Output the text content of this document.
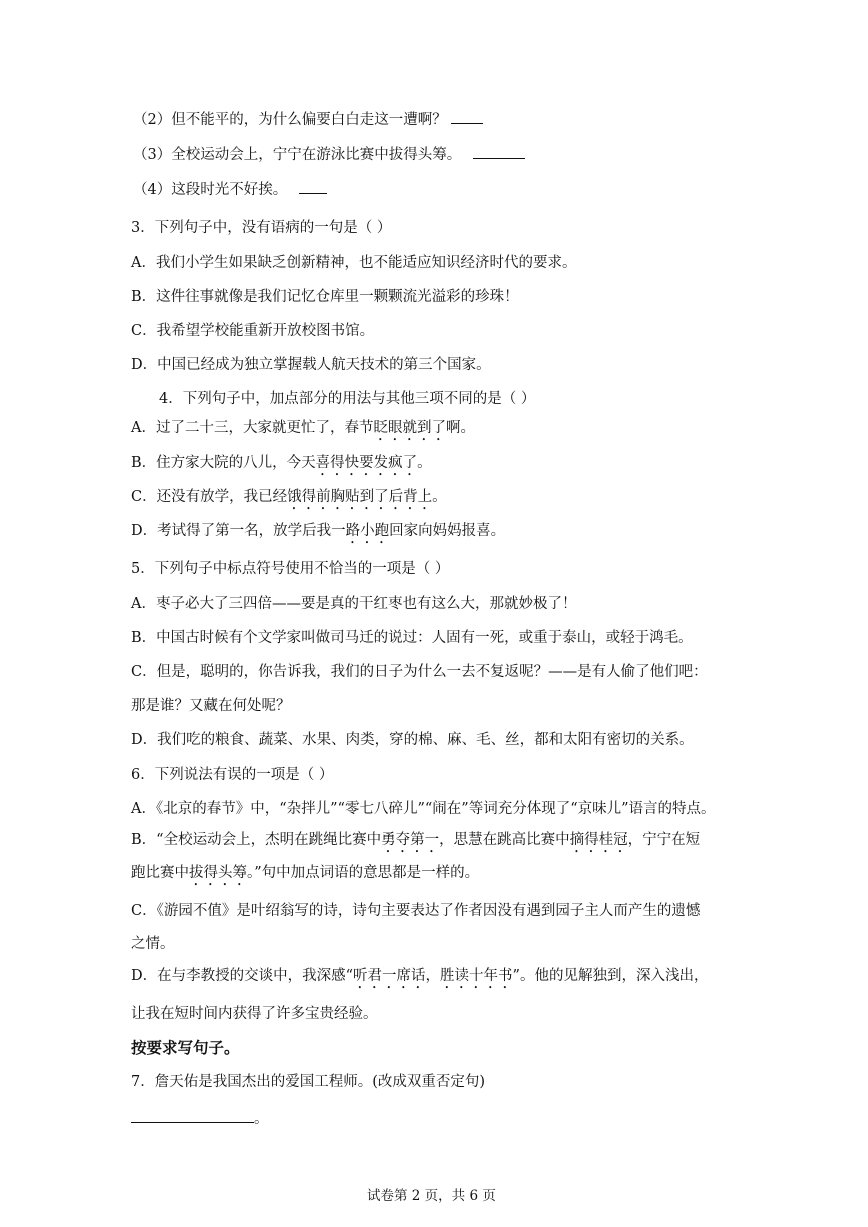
（2）但不能平的，为什么偏要白白走这一遭啊？
（3）全校运动会上，宁宁在游泳比赛中拔得头筹。
（4）这段时光不好挨。
3．下列句子中，没有语病的一句是（ ）
A．我们小学生如果缺乏创新精神，也不能适应知识经济时代的要求。
B．这件往事就像是我们记忆仓库里一颗颗流光溢彩的珍珠！
C．我希望学校能重新开放校图书馆。
D．中国已经成为独立掌握载人航天技术的第三个国家。
4．下列句子中，加点部分的用法与其他三项不同的是（ ）
A．过了二十三，大家就更忙了，春节眨眼就到了啊。
B．住方家大院的八儿，今天喜得快要发疯了。
C．还没有放学，我已经饿得前胸贴到了后背上。
D．考试得了第一名，放学后我一路小跑回家向妈妈报喜。
5．下列句子中标点符号使用不恰当的一项是（ ）
A．枣子必大了三四倍——要是真的干红枣也有这么大，那就妙极了！
B．中国古时候有个文学家叫做司马迁的说过：人固有一死，或重于泰山，或轻于鸿毛。
C．但是，聪明的，你告诉我，我们的日子为什么一去不复返呢？——是有人偷了他们吧：
那是谁？又藏在何处呢？
D．我们吃的粮食、蔬菜、水果、肉类，穿的棉、麻、毛、丝，都和太阳有密切的关系。
6．下列说法有误的一项是（ ）
A．《北京的春节》中，“杂拌儿”“零七八碎儿”“闹在”等词充分体现了“京味儿”语言的特点。
B．“全校运动会上，杰明在跳绳比赛中勇夺第一，思慧在跳高比赛中摘得桂冠，宁宁在短
跑比赛中拔得头筹。”句中加点词语的意思都是一样的。
C．《游园不值》是叶绍翁写的诗，诗句主要表达了作者因没有遇到园子主人而产生的遗憾
之情。
D．在与李教授的交谈中，我深感“听君一席话，胜读十年书”。他的见解独到，深入浅出，
让我在短时间内获得了许多宝贵经验。
按要求写句子。
7．詹天佑是我国杰出的爱国工程师。(改成双重否定句)
。
试卷第 2 页，共 6 页
